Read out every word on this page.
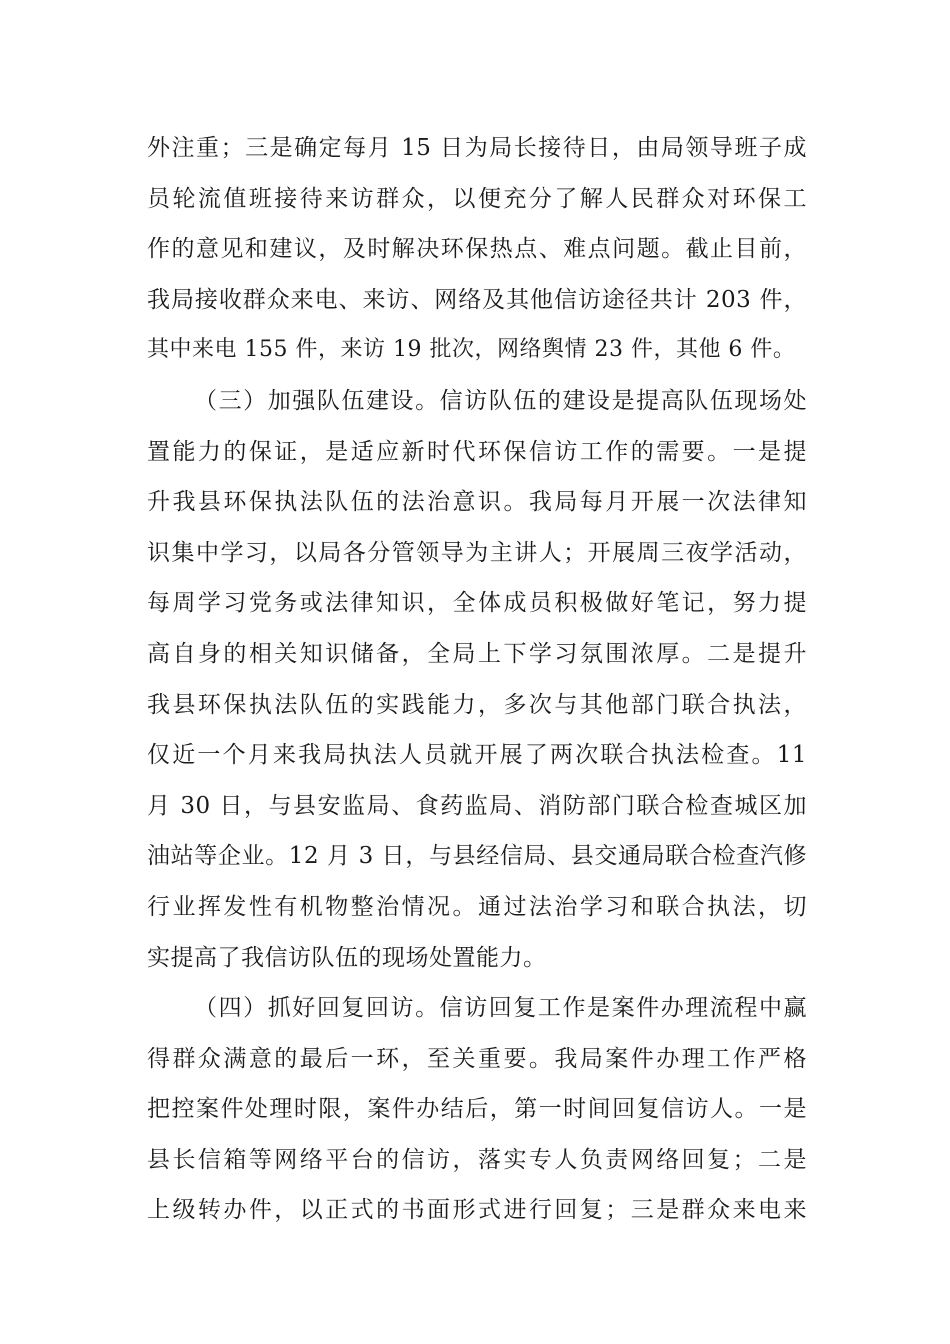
外注重；三是确定每月 15 日为局长接待日，由局领导班子成
员轮流值班接待来访群众，以便充分了解人民群众对环保工
作的意见和建议，及时解决环保热点、难点问题。截止目前，
我局接收群众来电、来访、网络及其他信访途径共计 203 件，
其中来电 155 件，来访 19 批次，网络舆情 23 件，其他 6 件。
（三）加强队伍建设。信访队伍的建设是提高队伍现场处
置能力的保证，是适应新时代环保信访工作的需要。一是提
升我县环保执法队伍的法治意识。我局每月开展一次法律知
识集中学习，以局各分管领导为主讲人；开展周三夜学活动，
每周学习党务或法律知识，全体成员积极做好笔记，努力提
高自身的相关知识储备，全局上下学习氛围浓厚。二是提升
我县环保执法队伍的实践能力，多次与其他部门联合执法，
仅近一个月来我局执法人员就开展了两次联合执法检查。11
月 30 日，与县安监局、食药监局、消防部门联合检查城区加
油站等企业。12 月 3 日，与县经信局、县交通局联合检查汽修
行业挥发性有机物整治情况。通过法治学习和联合执法，切
实提高了我信访队伍的现场处置能力。
（四）抓好回复回访。信访回复工作是案件办理流程中赢
得群众满意的最后一环，至关重要。我局案件办理工作严格
把控案件处理时限，案件办结后，第一时间回复信访人。一是
县长信箱等网络平台的信访，落实专人负责网络回复；二是
上级转办件，以正式的书面形式进行回复；三是群众来电来
